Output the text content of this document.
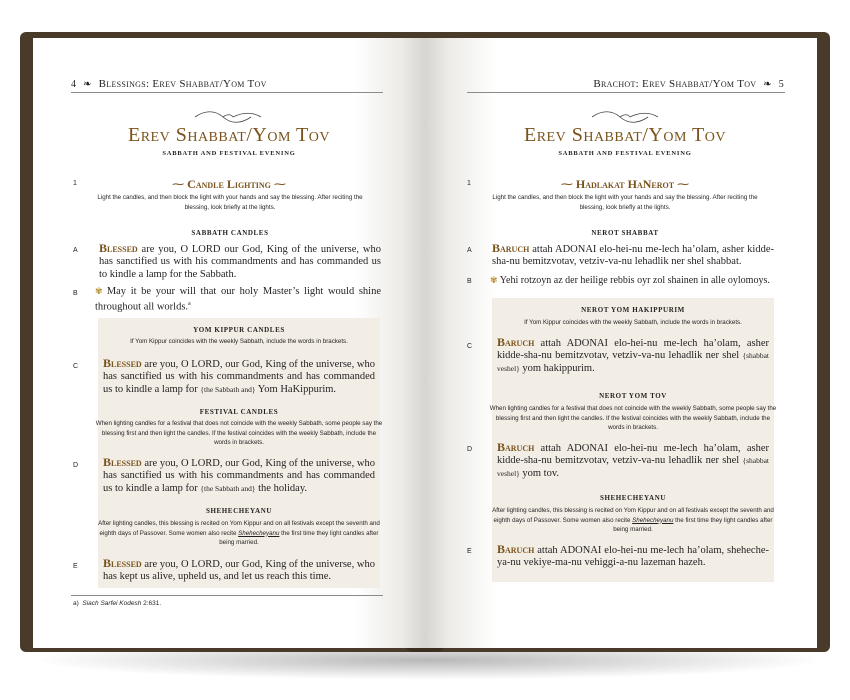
4 ❧ Blessings: Erev Shabbat/Yom Tov
Erev Shabbat/Yom Tov
SABBATH AND FESTIVAL EVENING
1	⁓ Candle Lighting ⁓
Light the candles, and then block the light with your hands and say the blessing. After reciting the blessing, look briefly at the lights.
SABBATH CANDLES
A Blessed are you, O LORD our God, King of the universe, who has sanctified us with his commandments and has commanded us to kindle a lamp for the Sabbath.
B ✾ May it be your will that our holy Master’s light would shine throughout all worlds.$^a$
YOM KIPPUR CANDLES
If Yom Kippur coincides with the weekly Sabbath, include the words in brackets.
C Blessed are you, O LORD, our God, King of the universe, who has sanctified us with his commandments and has commanded us to kindle a lamp for {the Sabbath and} Yom HaKippurim.
FESTIVAL CANDLES
When lighting candles for a festival that does not coincide with the weekly Sabbath, some people say the blessing first and then light the candles. If the festival coincides with the weekly Sabbath, include the words in brackets.
D Blessed are you, O LORD, our God, King of the universe, who has sanctified us with his commandments and has commanded us to kindle a lamp for {the Sabbath and} the holiday.
SHEHECHEYANU
After lighting candles, this blessing is recited on Yom Kippur and on all festivals except the seventh and eighth days of Passover. Some women also recite Shehecheyanu the first time they light candles after being married.
E Blessed are you, O LORD, our God, King of the universe, who has kept us alive, upheld us, and let us reach this time.
a) Siach Sarfei Kodesh 2:631.
Brachot: Erev Shabbat/Yom Tov ❧ 5
Erev Shabbat/Yom Tov
SABBATH AND FESTIVAL EVENING
1	⁓ Hadlakat HaNerot ⁓
Light the candles, and then block the light with your hands and say the blessing. After reciting the blessing, look briefly at the lights.
NEROT SHABBAT
A Baruch attah ADONAI elo-hei-nu me-lech ha’olam, asher kidde-sha-nu bemitzvotav, vetziv-va-nu lehadlik ner shel shabbat.
B ✾ Yehi rotzoyn az der heilige rebbis oyr zol shainen in alle oylomoys.
NEROT YOM HAKIPPURIM
If Yom Kippur coincides with the weekly Sabbath, include the words in brackets.
C Baruch attah ADONAI elo-hei-nu me-lech ha’olam, asher kidde-sha-nu bemitzvotav, vetziv-va-nu lehadlik ner shel {shabbat veshel} yom hakippurim.
NEROT YOM TOV
When lighting candles for a festival that does not coincide with the weekly Sabbath, some people say the blessing first and then light the candles. If the festival coincides with the weekly Sabbath, include the words in brackets.
D Baruch attah ADONAI elo-hei-nu me-lech ha’olam, asher kidde-sha-nu bemitzvotav, vetziv-va-nu lehadlik ner shel {shabbat veshel} yom tov.
SHEHECHEYANU
After lighting candles, this blessing is recited on Yom Kippur and on all festivals except the seventh and eighth days of Passover. Some women also recite Shehecheyanu the first time they light candles after being married.
E Baruch attah ADONAI elo-hei-nu me-lech ha’olam, sheheche-ya-nu vekiye-ma-nu vehiggi-a-nu lazeman hazeh.
